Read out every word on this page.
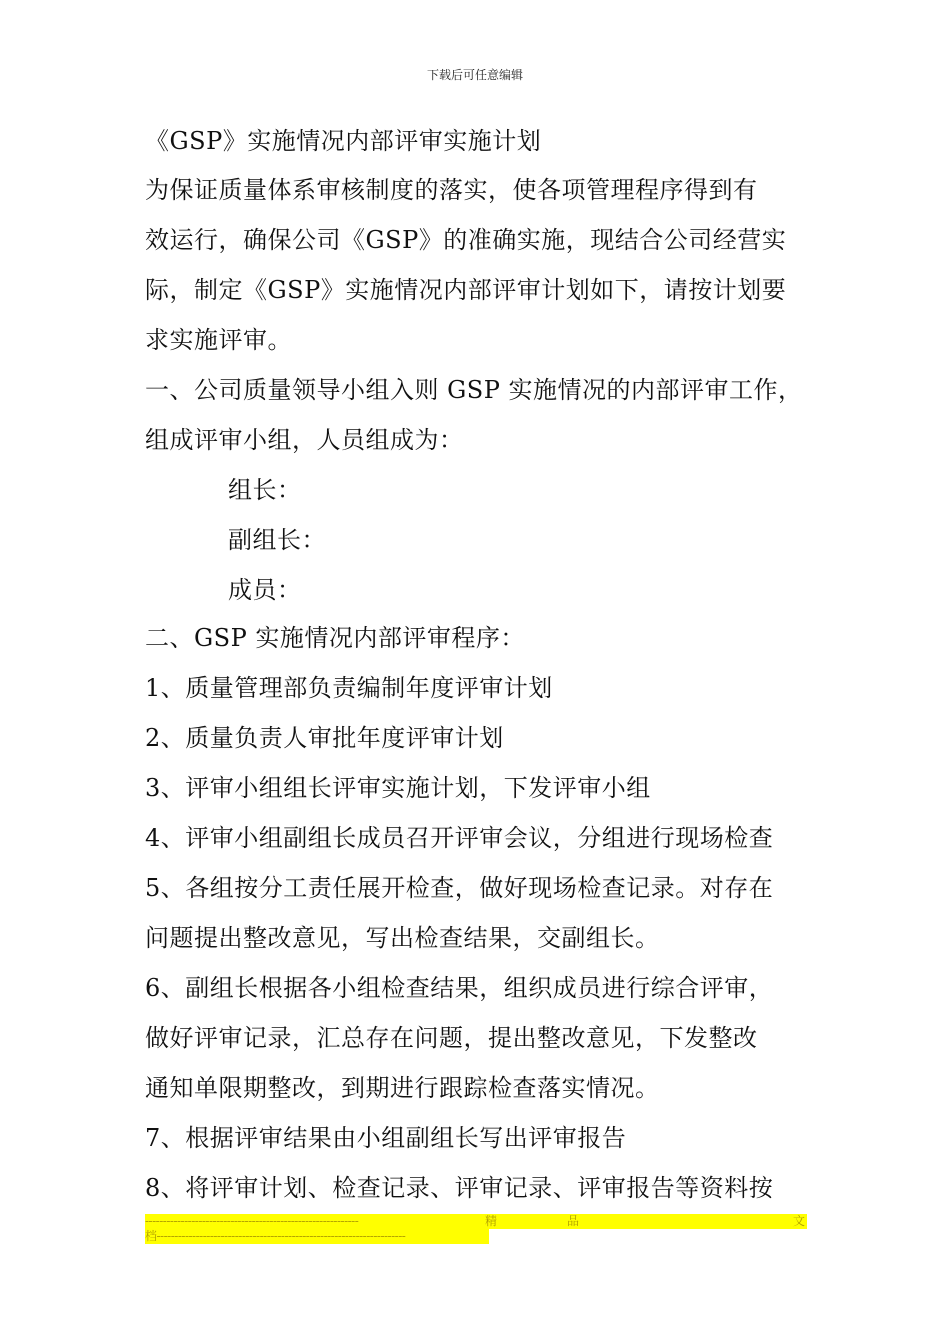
下载后可任意编辑
《GSP》实施情况内部评审实施计划
为保证质量体系审核制度的落实，使各项管理程序得到有
效运行，确保公司《GSP》的准确实施，现结合公司经营实
际，制定《GSP》实施情况内部评审计划如下，请按计划要
求实施评审。
一、公司质量领导小组入则 GSP 实施情况的内部评审工作，
组成评审小组，人员组成为：
组长：
副组长：
成员：
二、GSP 实施情况内部评审程序：
1、质量管理部负责编制年度评审计划
2、质量负责人审批年度评审计划
3、评审小组组长评审实施计划，下发评审小组
4、评审小组副组长成员召开评审会议，分组进行现场检查
5、各组按分工责任展开检查，做好现场检查记录。对存在
问题提出整改意见，写出检查结果，交副组长。
6、副组长根据各小组检查结果，组织成员进行综合评审，
做好评审记录，汇总存在问题，提出整改意见，下发整改
通知单限期整改，到期进行跟踪检查落实情况。
7、根据评审结果由小组副组长写出评审报告
8、将评审计划、检查记录、评审记录、评审报告等资料按
------------------------------------------------------------	精	品	文
档----------------------------------------------------------------------
